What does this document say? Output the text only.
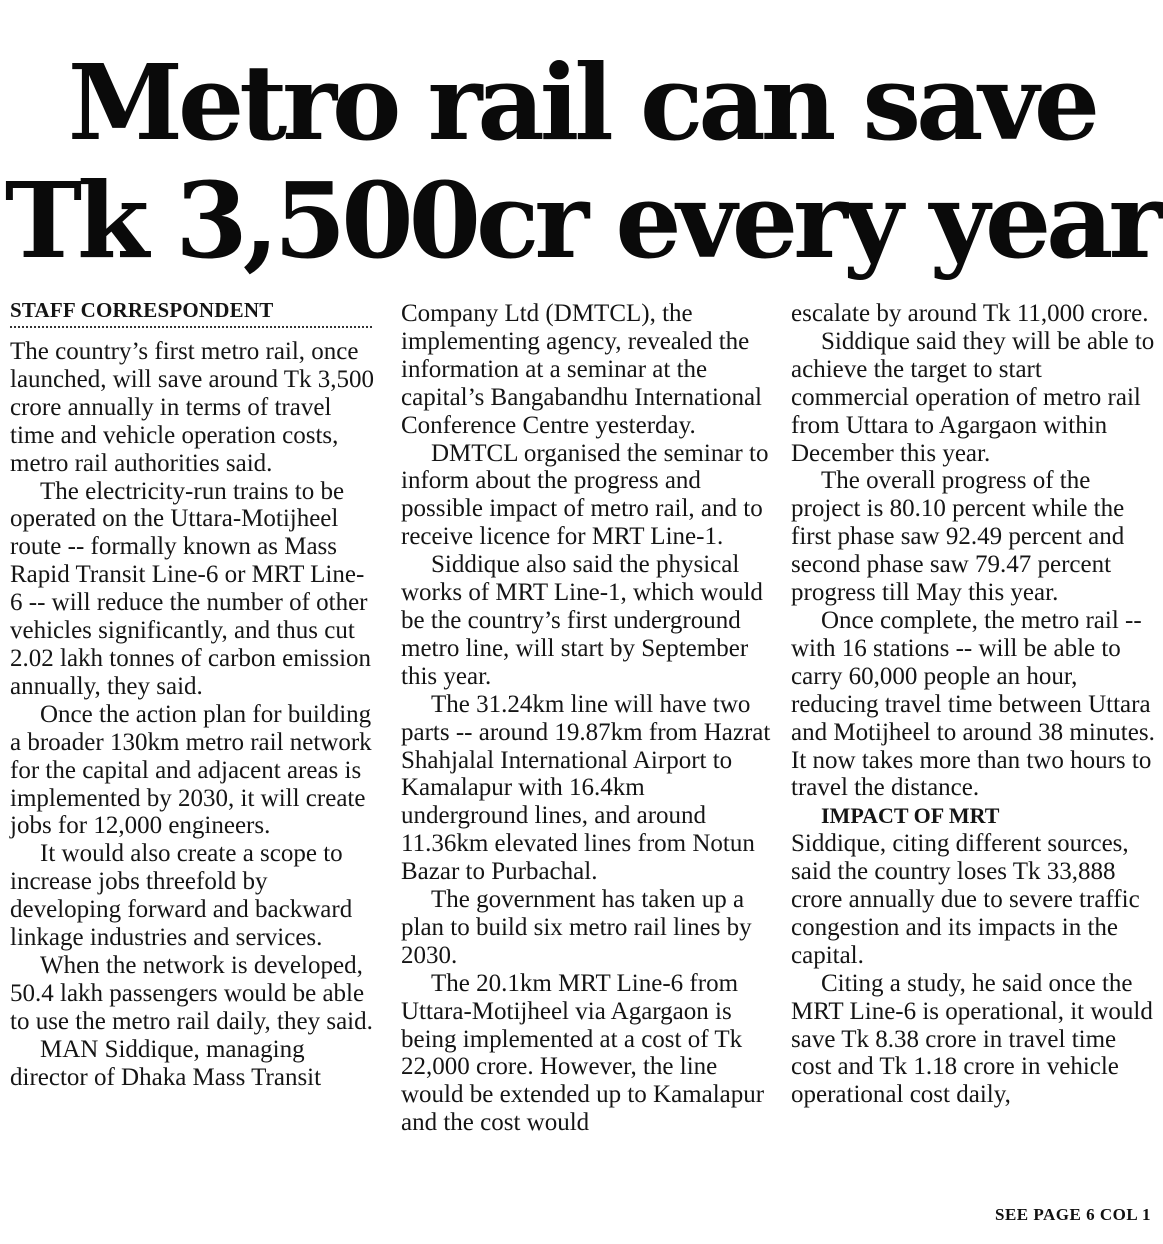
Metro rail can save
Tk 3,500cr every year
STAFF CORRESPONDENT

The country’s first metro rail, once launched, will save around Tk 3,500 crore annually in terms of travel time and vehicle operation costs, metro rail authorities said.

The electricity-run trains to be operated on the Uttara-Motijheel route -- formally known as Mass Rapid Transit Line-6 or MRT Line-6 -- will reduce the number of other vehicles significantly, and thus cut 2.02 lakh tonnes of carbon emission annually, they said.

Once the action plan for building a broader 130km metro rail network for the capital and adjacent areas is implemented by 2030, it will create jobs for 12,000 engineers.

It would also create a scope to increase jobs threefold by developing forward and backward linkage industries and services.

When the network is developed, 50.4 lakh passengers would be able to use the metro rail daily, they said.

MAN Siddique, managing director of Dhaka Mass Transit

Company Ltd (DMTCL), the implementing agency, revealed the information at a seminar at the capital’s Bangabandhu International Conference Centre yesterday.

DMTCL organised the seminar to inform about the progress and possible impact of metro rail, and to receive licence for MRT Line-1.

Siddique also said the physical works of MRT Line-1, which would be the country’s first underground metro line, will start by September this year.

The 31.24km line will have two parts -- around 19.87km from Hazrat Shahjalal International Airport to Kamalapur with 16.4km underground lines, and around 11.36km elevated lines from Notun Bazar to Purbachal.

The government has taken up a plan to build six metro rail lines by 2030.

The 20.1km MRT Line-6 from Uttara-Motijheel via Agargaon is being implemented at a cost of Tk 22,000 crore. However, the line would be extended up to Kamalapur and the cost would

escalate by around Tk 11,000 crore.

Siddique said they will be able to achieve the target to start commercial operation of metro rail from Uttara to Agargaon within December this year.

The overall progress of the project is 80.10 percent while the first phase saw 92.49 percent and second phase saw 79.47 percent progress till May this year.

Once complete, the metro rail -- with 16 stations -- will be able to carry 60,000 people an hour, reducing travel time between Uttara and Motijheel to around 38 minutes. It now takes more than two hours to travel the distance.

IMPACT OF MRT

Siddique, citing different sources, said the country loses Tk 33,888 crore annually due to severe traffic congestion and its impacts in the capital.

Citing a study, he said once the MRT Line-6 is operational, it would save Tk 8.38 crore in travel time cost and Tk 1.18 crore in vehicle operational cost daily,

SEE PAGE 6 COL 1
